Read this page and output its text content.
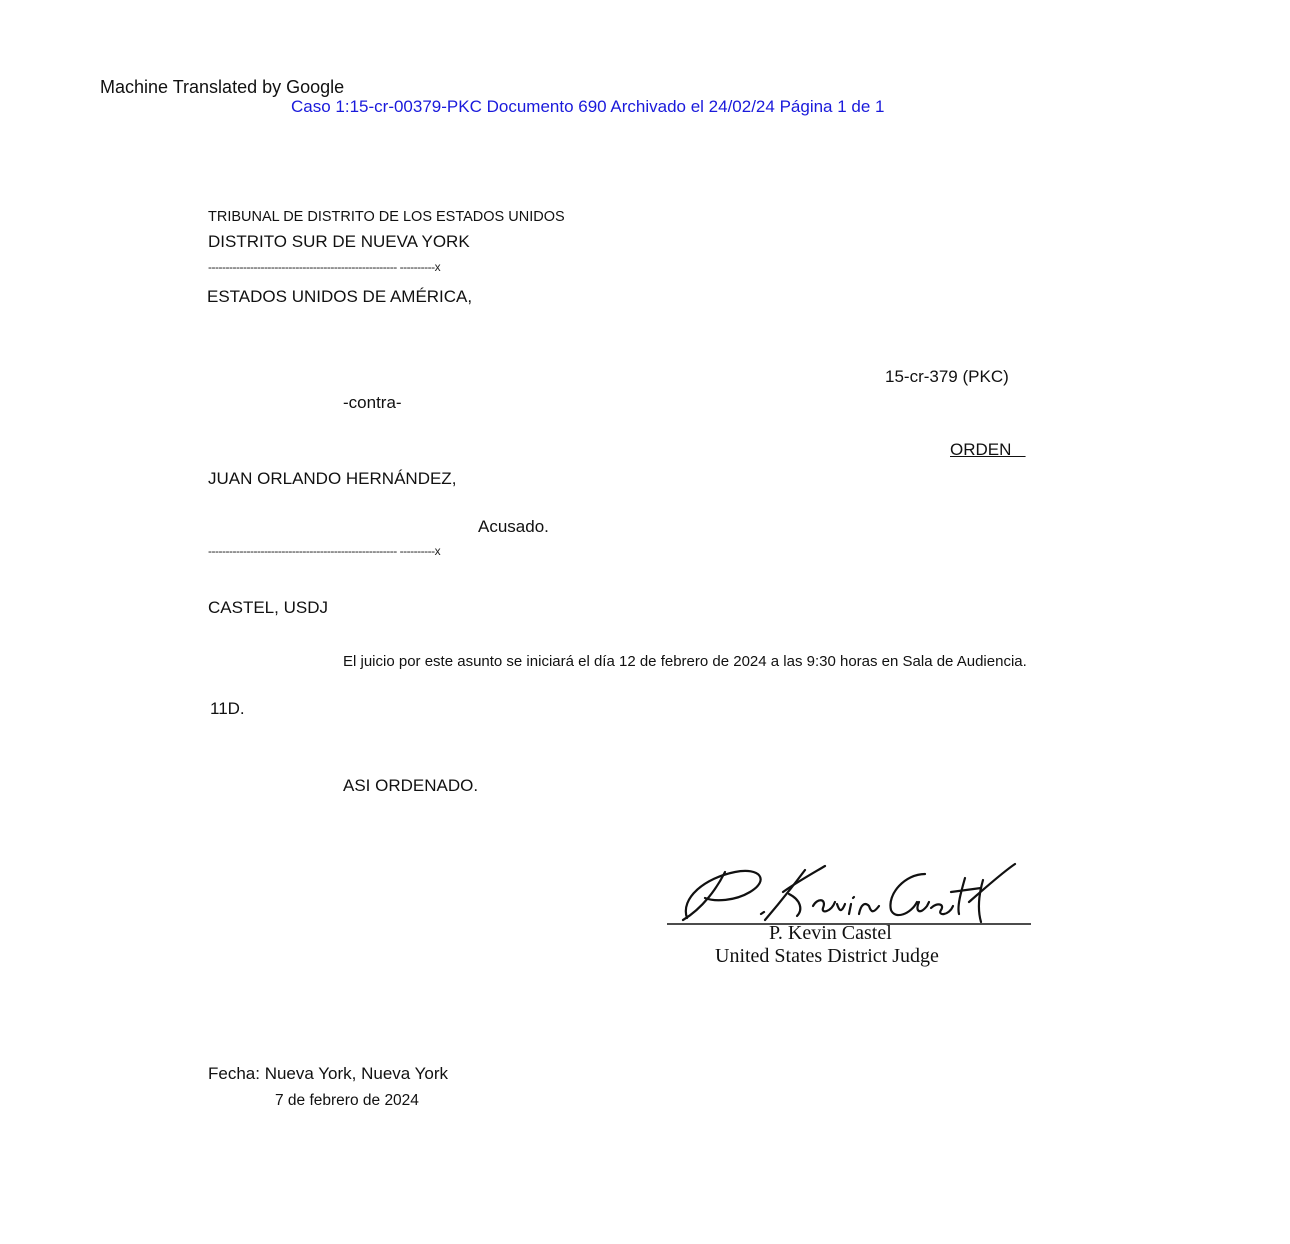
Machine Translated by Google
Caso 1:15-cr-00379-PKC Documento 690 Archivado el 24/02/24 Página 1 de 1
TRIBUNAL DE DISTRITO DE LOS ESTADOS UNIDOS
DISTRITO SUR DE NUEVA YORK
------------------------------------------------------ ----------x
ESTADOS UNIDOS DE AMÉRICA,
15-cr-379 (PKC)
-contra-
ORDEN
JUAN ORLANDO HERNÁNDEZ,
Acusado.
------------------------------------------------------ ----------x
CASTEL, USDJ
El juicio por este asunto se iniciará el día 12 de febrero de 2024 a las 9:30 horas en Sala de Audiencia.
11D.
ASI ORDENADO.
P. Kevin Castel
United States District Judge
Fecha: Nueva York, Nueva York
7 de febrero de 2024
